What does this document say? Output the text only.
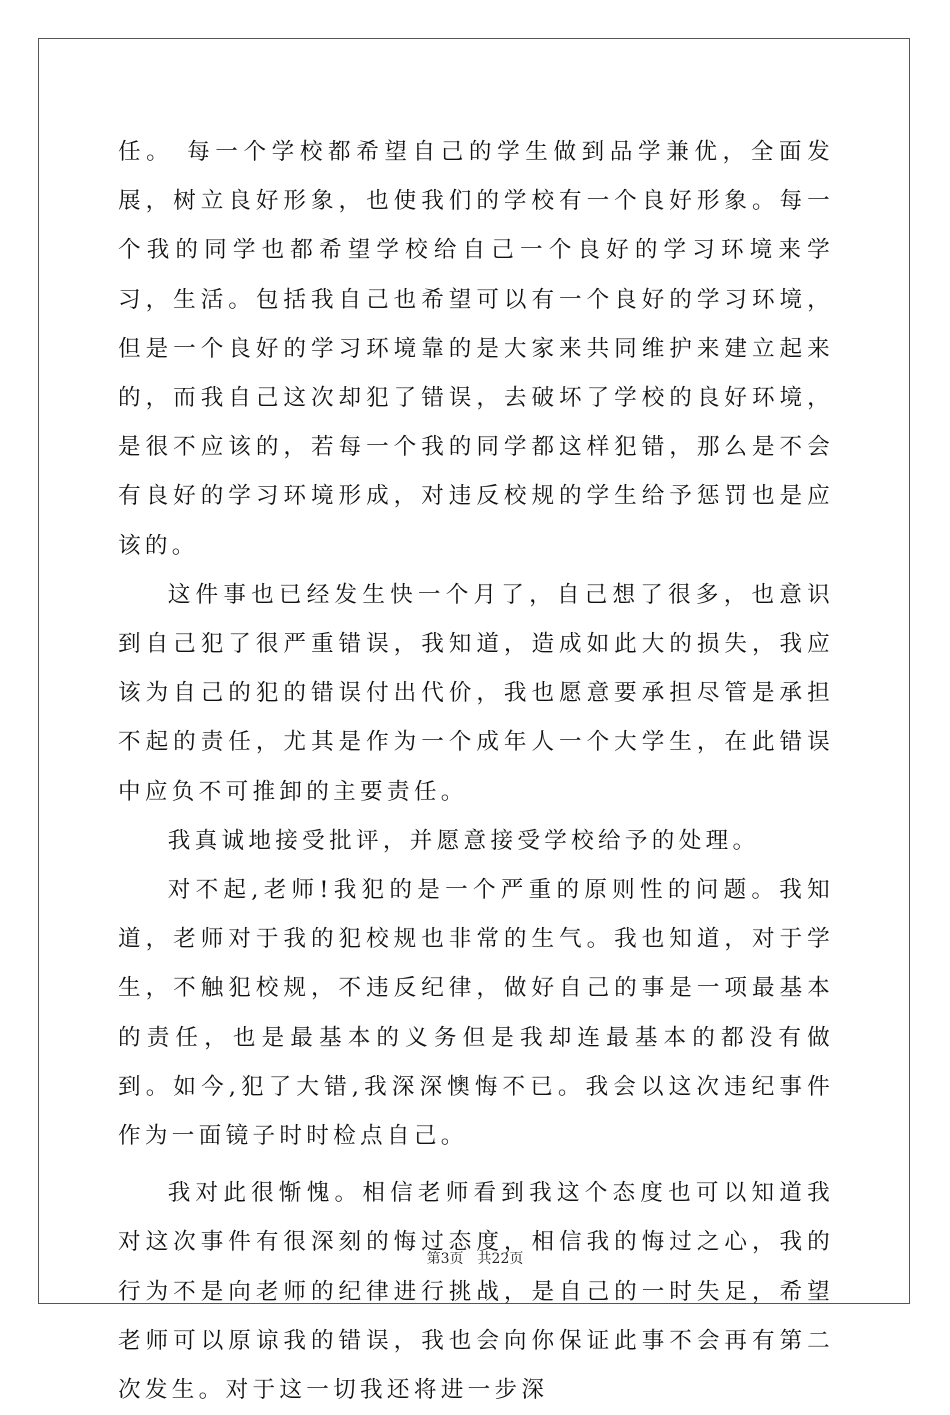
任。 每一个学校都希望自己的学生做到品学兼优，全面发展，树立良好形象，也使我们的学校有一个良好形象。每一个我的同学也都希望学校给自己一个良好的学习环境来学习，生活。包括我自己也希望可以有一个良好的学习环境，但是一个良好的学习环境靠的是大家来共同维护来建立起来的，而我自己这次却犯了错误，去破坏了学校的良好环境，是很不应该的，若每一个我的同学都这样犯错，那么是不会有良好的学习环境形成，对违反校规的学生给予惩罚也是应该的。

这件事也已经发生快一个月了，自己想了很多，也意识到自己犯了很严重错误，我知道，造成如此大的损失，我应该为自己的犯的错误付出代价，我也愿意要承担尽管是承担不起的责任，尤其是作为一个成年人一个大学生，在此错误中应负不可推卸的主要责任。

我真诚地接受批评，并愿意接受学校给予的处理。

对不起,老师!我犯的是一个严重的原则性的问题。我知道，老师对于我的犯校规也非常的生气。我也知道，对于学生，不触犯校规，不违反纪律，做好自己的事是一项最基本的责任，也是最基本的义务但是我却连最基本的都没有做到。如今,犯了大错,我深深懊悔不已。我会以这次违纪事件作为一面镜子时时检点自己。

我对此很惭愧。相信老师看到我这个态度也可以知道我对这次事件有很深刻的悔过态度，相信我的悔过之心，我的行为不是向老师的纪律进行挑战，是自己的一时失足，希望老师可以原谅我的错误，我也会向你保证此事不会再有第二次发生。对于这一切我还将进一步深

第3页 共22页
